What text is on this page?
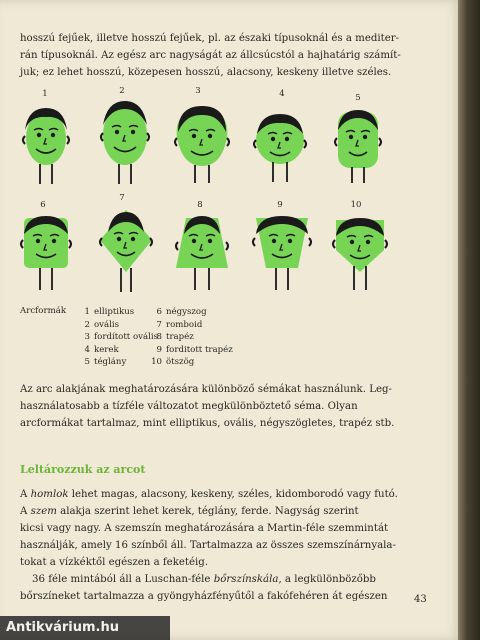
hosszú fejűek, illetve hosszú fejűek, pl. az északi típusoknál és a mediter-
rán típusoknál. Az egész arc nagyságát az állcsúcstól a hajhatárig számít-
juk; ez lehet hosszú, közepesen hosszú, alacsony, keskeny illetve széles.

1	2	3	4	5
6
7
8	9	10
Arcformák	1 elliptikus
2 ovális
3 fordított ovális
4 kerek
5 téglány
6 négyszog
7 romboid
8 trapéz
9 forditott trapéz
10 ötszög

Az arc alakjának meghatározására különböző sémákat használunk. Leg-
használatosabb a tízféle változatot megkülönböztető séma. Olyan
arcformákat tartalmaz, mint elliptikus, ovális, négyszögletes, trapéz stb.

Leltározzuk az arcot

A homlok lehet magas, alacsony, keskeny, széles, kidomborodó vagy futó.
A szem alakja szerint lehet kerek, téglány, ferde. Nagyság szerint
kicsi vagy nagy. A szemszín meghatározására a Martin-féle szemmintát
használják, amely 16 színből áll. Tartalmazza az összes szemszínárnyala-
tokat a vízkéktől egészen a feketéig.
36 féle mintából áll a Luschan-féle bőrszínskála, a legkülönbözőbb
bőrszíneket tartalmazza a gyöngyházfényűtől a fakófehéren át egészen	43
Antikvárium.hu
